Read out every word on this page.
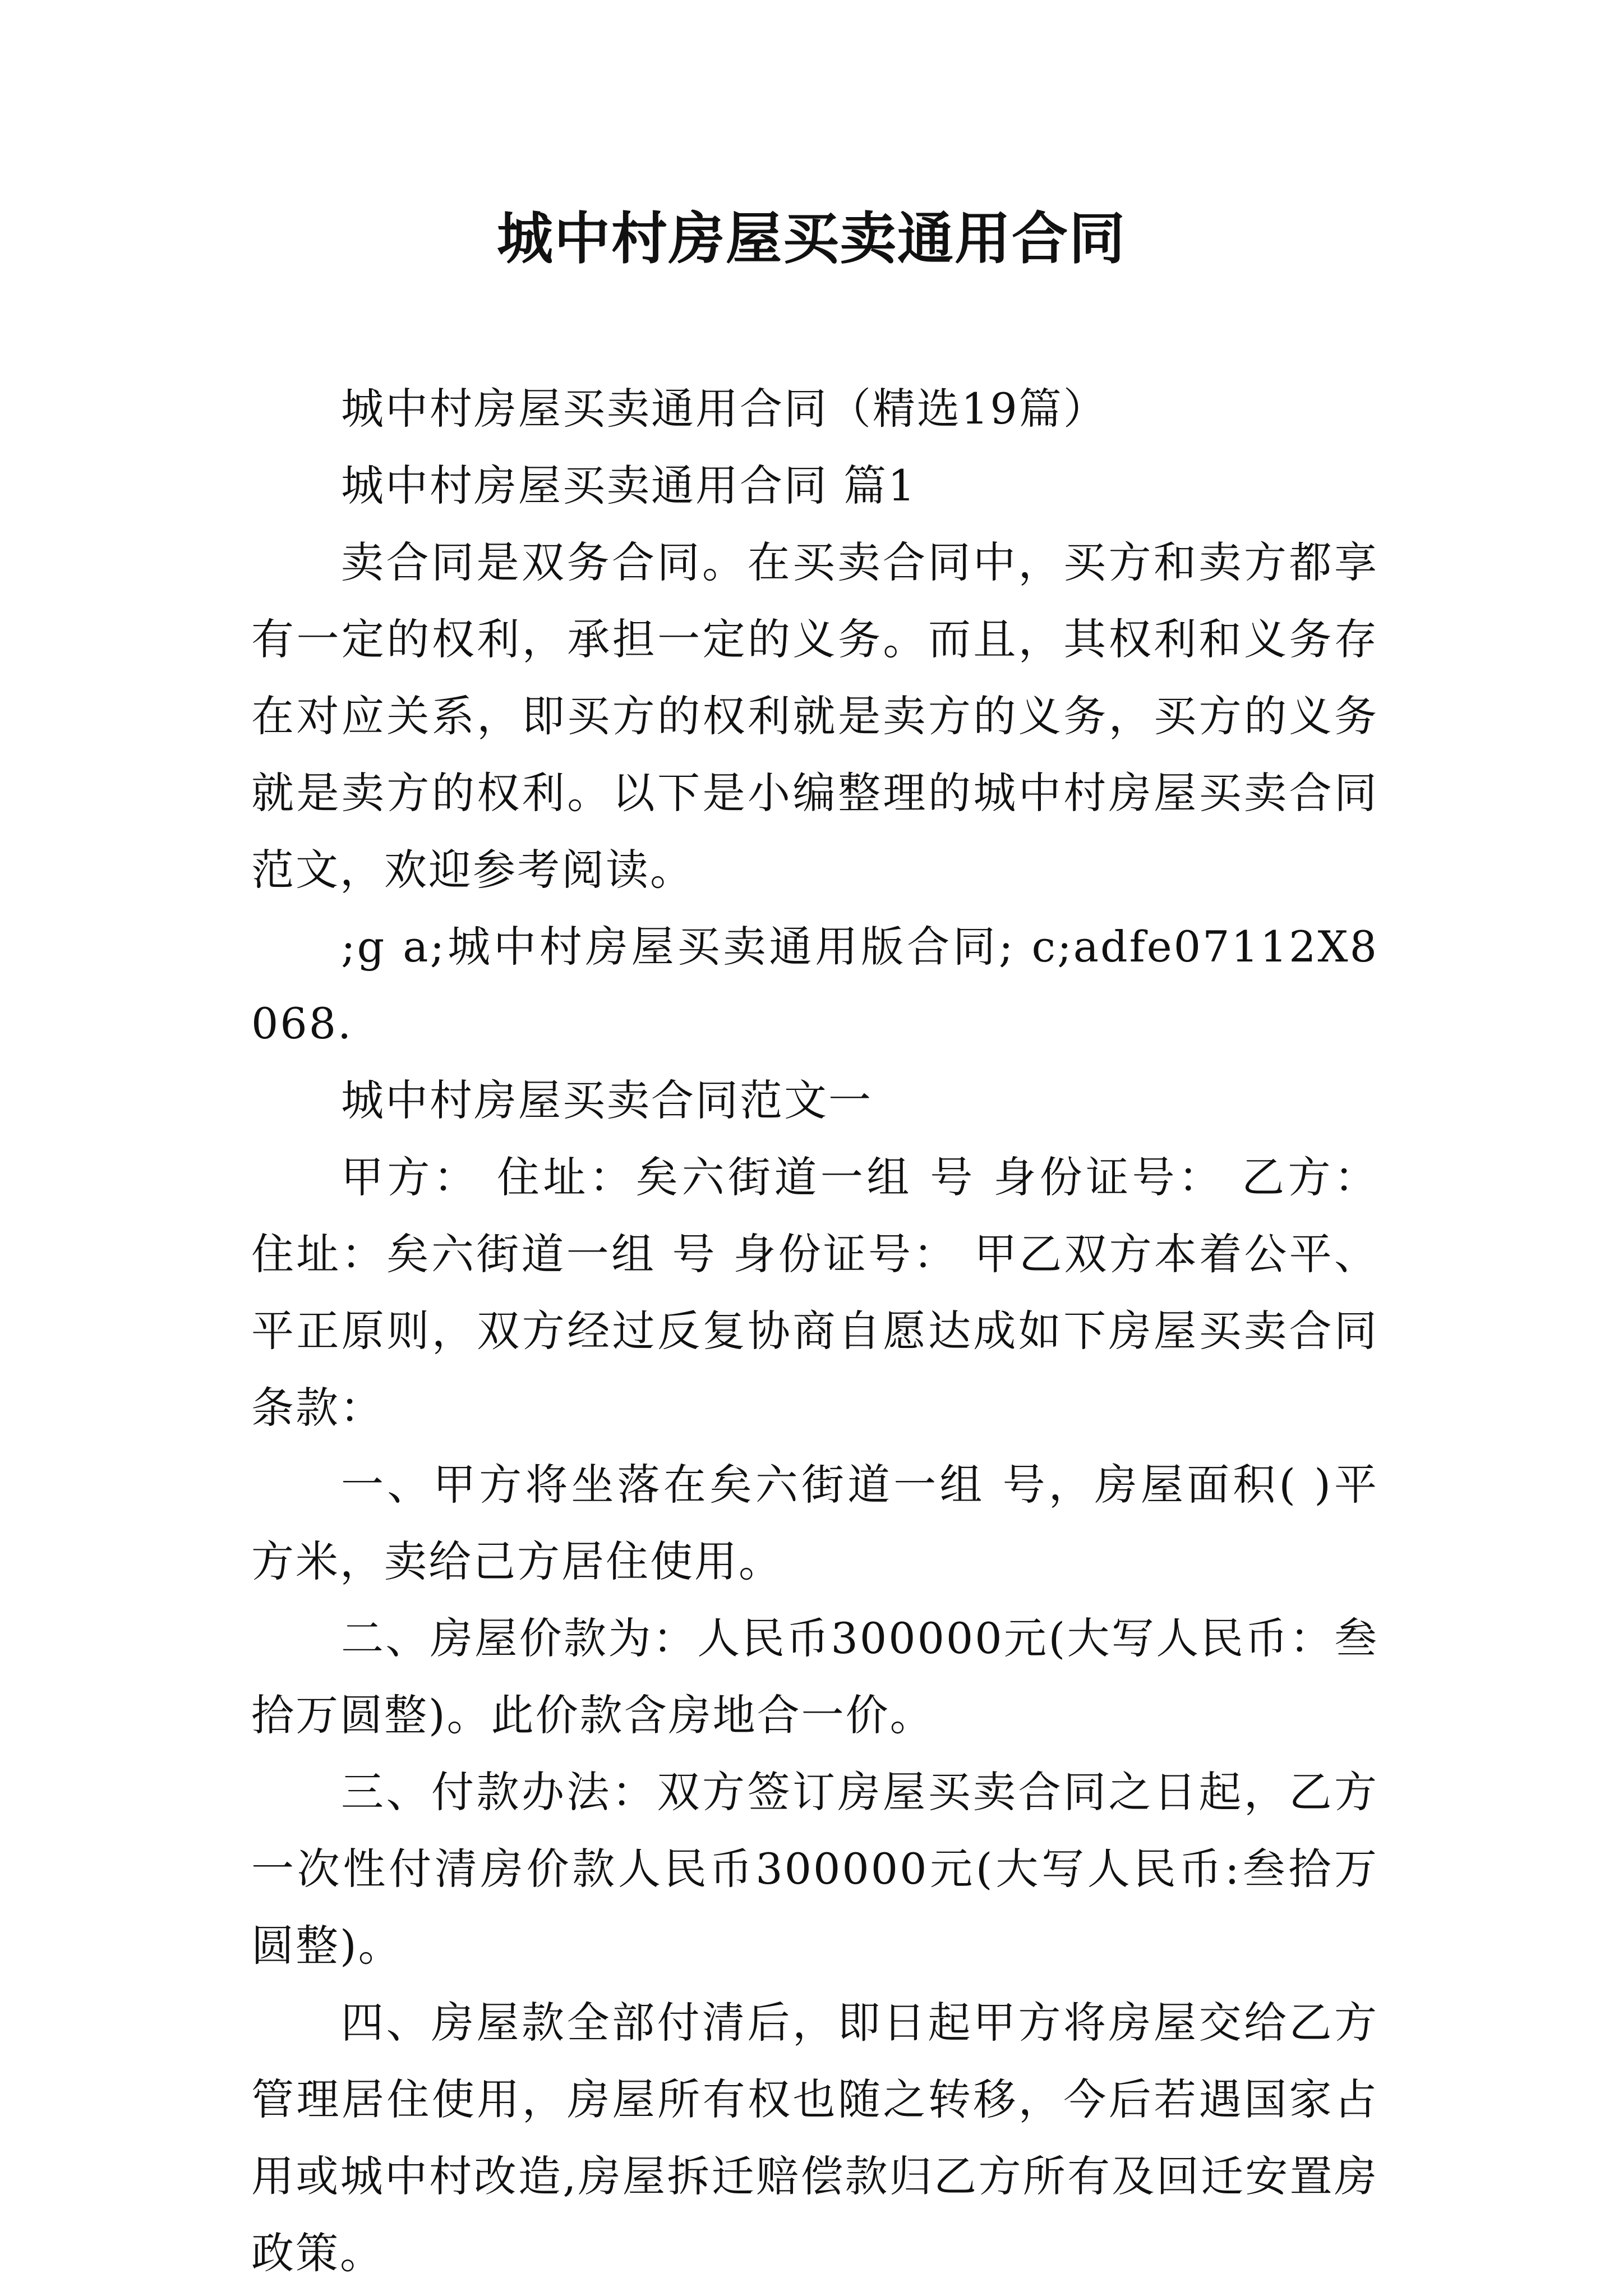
城中村房屋买卖通用合同

城中村房屋买卖通用合同（精选19篇）

城中村房屋买卖通用合同 篇1

卖合同是双务合同。在买卖合同中，买方和卖方都享有一定的权利，承担一定的义务。而且，其权利和义务存在对应关系，即买方的权利就是卖方的义务，买方的义务就是卖方的权利。以下是小编整理的城中村房屋买卖合同范文，欢迎参考阅读。

;g a;城中村房屋买卖通用版合同; c;adfe07112X8068.

城中村房屋买卖合同范文一

甲方： 住址：矣六街道一组 号 身份证号： 乙方： 住址：矣六街道一组 号 身份证号： 甲乙双方本着公平、平正原则，双方经过反复协商自愿达成如下房屋买卖合同条款：

一、甲方将坐落在矣六街道一组 号，房屋面积( )平方米，卖给己方居住使用。

二、房屋价款为：人民币300000元(大写人民币：叁拾万圆整)。此价款含房地合一价。

三、付款办法：双方签订房屋买卖合同之日起，乙方一次性付清房价款人民币300000元(大写人民币:叁拾万圆整)。

四、房屋款全部付清后，即日起甲方将房屋交给乙方管理居住使用，房屋所有权也随之转移，今后若遇国家占用或城中村改造,房屋拆迁赔偿款归乙方所有及回迁安置房政策。
